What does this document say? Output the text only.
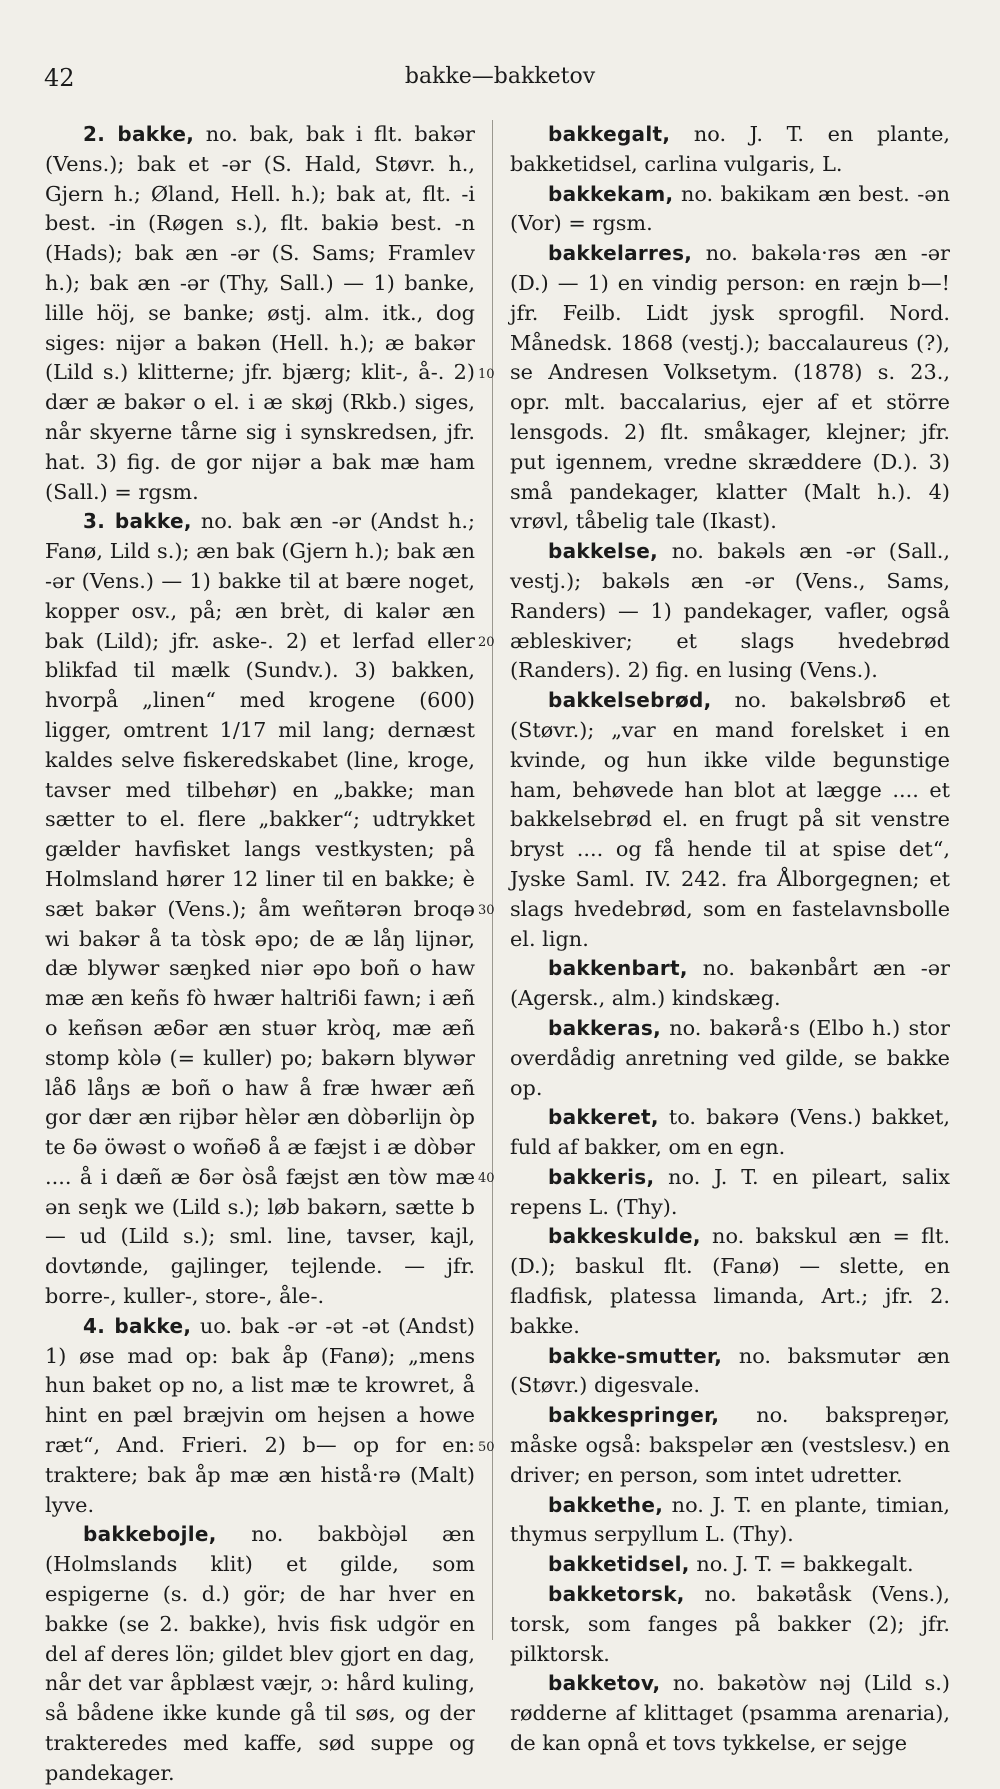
42	bakke—bakketov

2. bakke, no. bak, bak i flt. bakər (Vens.); bak et -ər (S. Hald, Støvr. h., Gjern h.; Øland, Hell. h.); bak at, flt. -i best. -in (Røgen s.), flt. bakiə best. -n (Hads); bak æn -ər (S. Sams; Framlev h.); bak æn -ər (Thy, Sall.) — 1) banke, lille höj, se banke; østj. alm. itk., dog siges: nijər a bakən (Hell. h.); æ bakər (Lild s.) klitterne; jfr. bjærg; klit-, å-. 2) dær æ bakər o el. i æ skøj (Rkb.) siges, når skyerne tårne sig i synskredsen, jfr. hat. 3) fig. de gor nijər a bak mæ ham (Sall.) = rgsm.

3. bakke, no. bak æn -ər (Andst h.; Fanø, Lild s.); æn bak (Gjern h.); bak æn -ər (Vens.) — 1) bakke til at bære noget, kopper osv., på; æn brèt, di kalər æn bak (Lild); jfr. aske-. 2) et lerfad eller blikfad til mælk (Sundv.). 3) bakken, hvorpå „linen“ med krogene (600) ligger, omtrent 1/17 mil lang; dernæst kaldes selve fiskeredskabet (line, kroge, tavser med tilbehør) en „bakke; man sætter to el. flere „bakker“; udtrykket gælder havfisket langs vestkysten; på Holmsland hører 12 liner til en bakke; è sæt bakər (Vens.); åm weñtərən broqə wi bakər å ta tòsk əpo; de æ låŋ lijnər, dæ blywər sæŋked niər əpo boñ o haw mæ æn keñs fò hwær haltriδi fawn; i æñ o keñsən æδər æn stuər kròq, mæ æñ stomp kòlə (= kuller) po; bakərn blywər låδ låŋs æ boñ o haw å fræ hwær æñ gor dær æn rijbər hèlər æn dòbərlijn òp te δə öwəst o woñəδ å æ fæjst i æ dòbər .... å i dæñ æ δər òså fæjst æn tòw mæ ən seŋk we (Lild s.); løb bakərn, sætte b— ud (Lild s.); sml. line, tavser, kajl, dovtønde, gajlinger, tejlende. — jfr. borre-, kuller-, store-, åle-.

4. bakke, uo. bak -ər -ət -ət (Andst) 1) øse mad op: bak åp (Fanø); „mens hun baket op no, a list mæ te krowret, å hint en pæl bræjvin om hejsen a howe ræt“, And. Frieri. 2) b— op for en: traktere; bak åp mæ æn histå·rə (Malt) lyve.

bakkebojle, no. bakbòjəl æn (Holmslands klit) et gilde, som espigerne (s. d.) gör; de har hver en bakke (se 2. bakke), hvis fisk udgör en del af deres lön; gildet blev gjort en dag, når det var åpblæst væjr, ɔ: hård kuling, så bådene ikke kunde gå til søs, og der trakteredes med kaffe, sød suppe og pandekager.

10
20
30
40
50

bakkegalt, no. J. T. en plante, bakketidsel, carlina vulgaris, L.

bakkekam, no. bakikam æn best. -ən (Vor) = rgsm.

bakkelarres, no. bakəla·rəs æn -ər (D.) — 1) en vindig person: en ræjn b—! jfr. Feilb. Lidt jysk sprogfil. Nord. Månedsk. 1868 (vestj.); baccalaureus (?), se Andresen Volksetym. (1878) s. 23., opr. mlt. baccalarius, ejer af et större lensgods. 2) flt. småkager, klejner; jfr. put igennem, vredne skræddere (D.). 3) små pandekager, klatter (Malt h.). 4) vrøvl, tåbelig tale (Ikast).

bakkelse, no. bakəls æn -ər (Sall., vestj.); bakəls æn -ər (Vens., Sams, Randers) — 1) pandekager, vafler, også æbleskiver; et slags hvedebrød (Randers). 2) fig. en lusing (Vens.).

bakkelsebrød, no. bakəlsbrøδ et (Støvr.); „var en mand forelsket i en kvinde, og hun ikke vilde begunstige ham, behøvede han blot at lægge .... et bakkelsebrød el. en frugt på sit venstre bryst .... og få hende til at spise det“, Jyske Saml. IV. 242. fra Ålborgegnen; et slags hvedebrød, som en fastelavnsbolle el. lign.

bakkenbart, no. bakənbårt æn -ər (Agersk., alm.) kindskæg.

bakkeras, no. bakərå·s (Elbo h.) stor overdådig anretning ved gilde, se bakke op.

bakkeret, to. bakərə (Vens.) bakket, fuld af bakker, om en egn.

bakkeris, no. J. T. en pileart, salix repens L. (Thy).

bakkeskulde, no. bakskul æn = flt. (D.); baskul flt. (Fanø) — slette, en fladfisk, platessa limanda, Art.; jfr. 2. bakke.

bakke-smutter, no. baksmutər æn (Støvr.) digesvale.

bakkespringer, no. bakspreŋər, måske også: bakspelər æn (vestslesv.) en driver; en person, som intet udretter.

bakkethe, no. J. T. en plante, timian, thymus serpyllum L. (Thy).

bakketidsel, no. J. T. = bakkegalt.

bakketorsk, no. bakətåsk (Vens.), torsk, som fanges på bakker (2); jfr. pilktorsk.

bakketov, no. bakətòw nəj (Lild s.) rødderne af klittaget (psamma arenaria), de kan opnå et tovs tykkelse, er sejge
